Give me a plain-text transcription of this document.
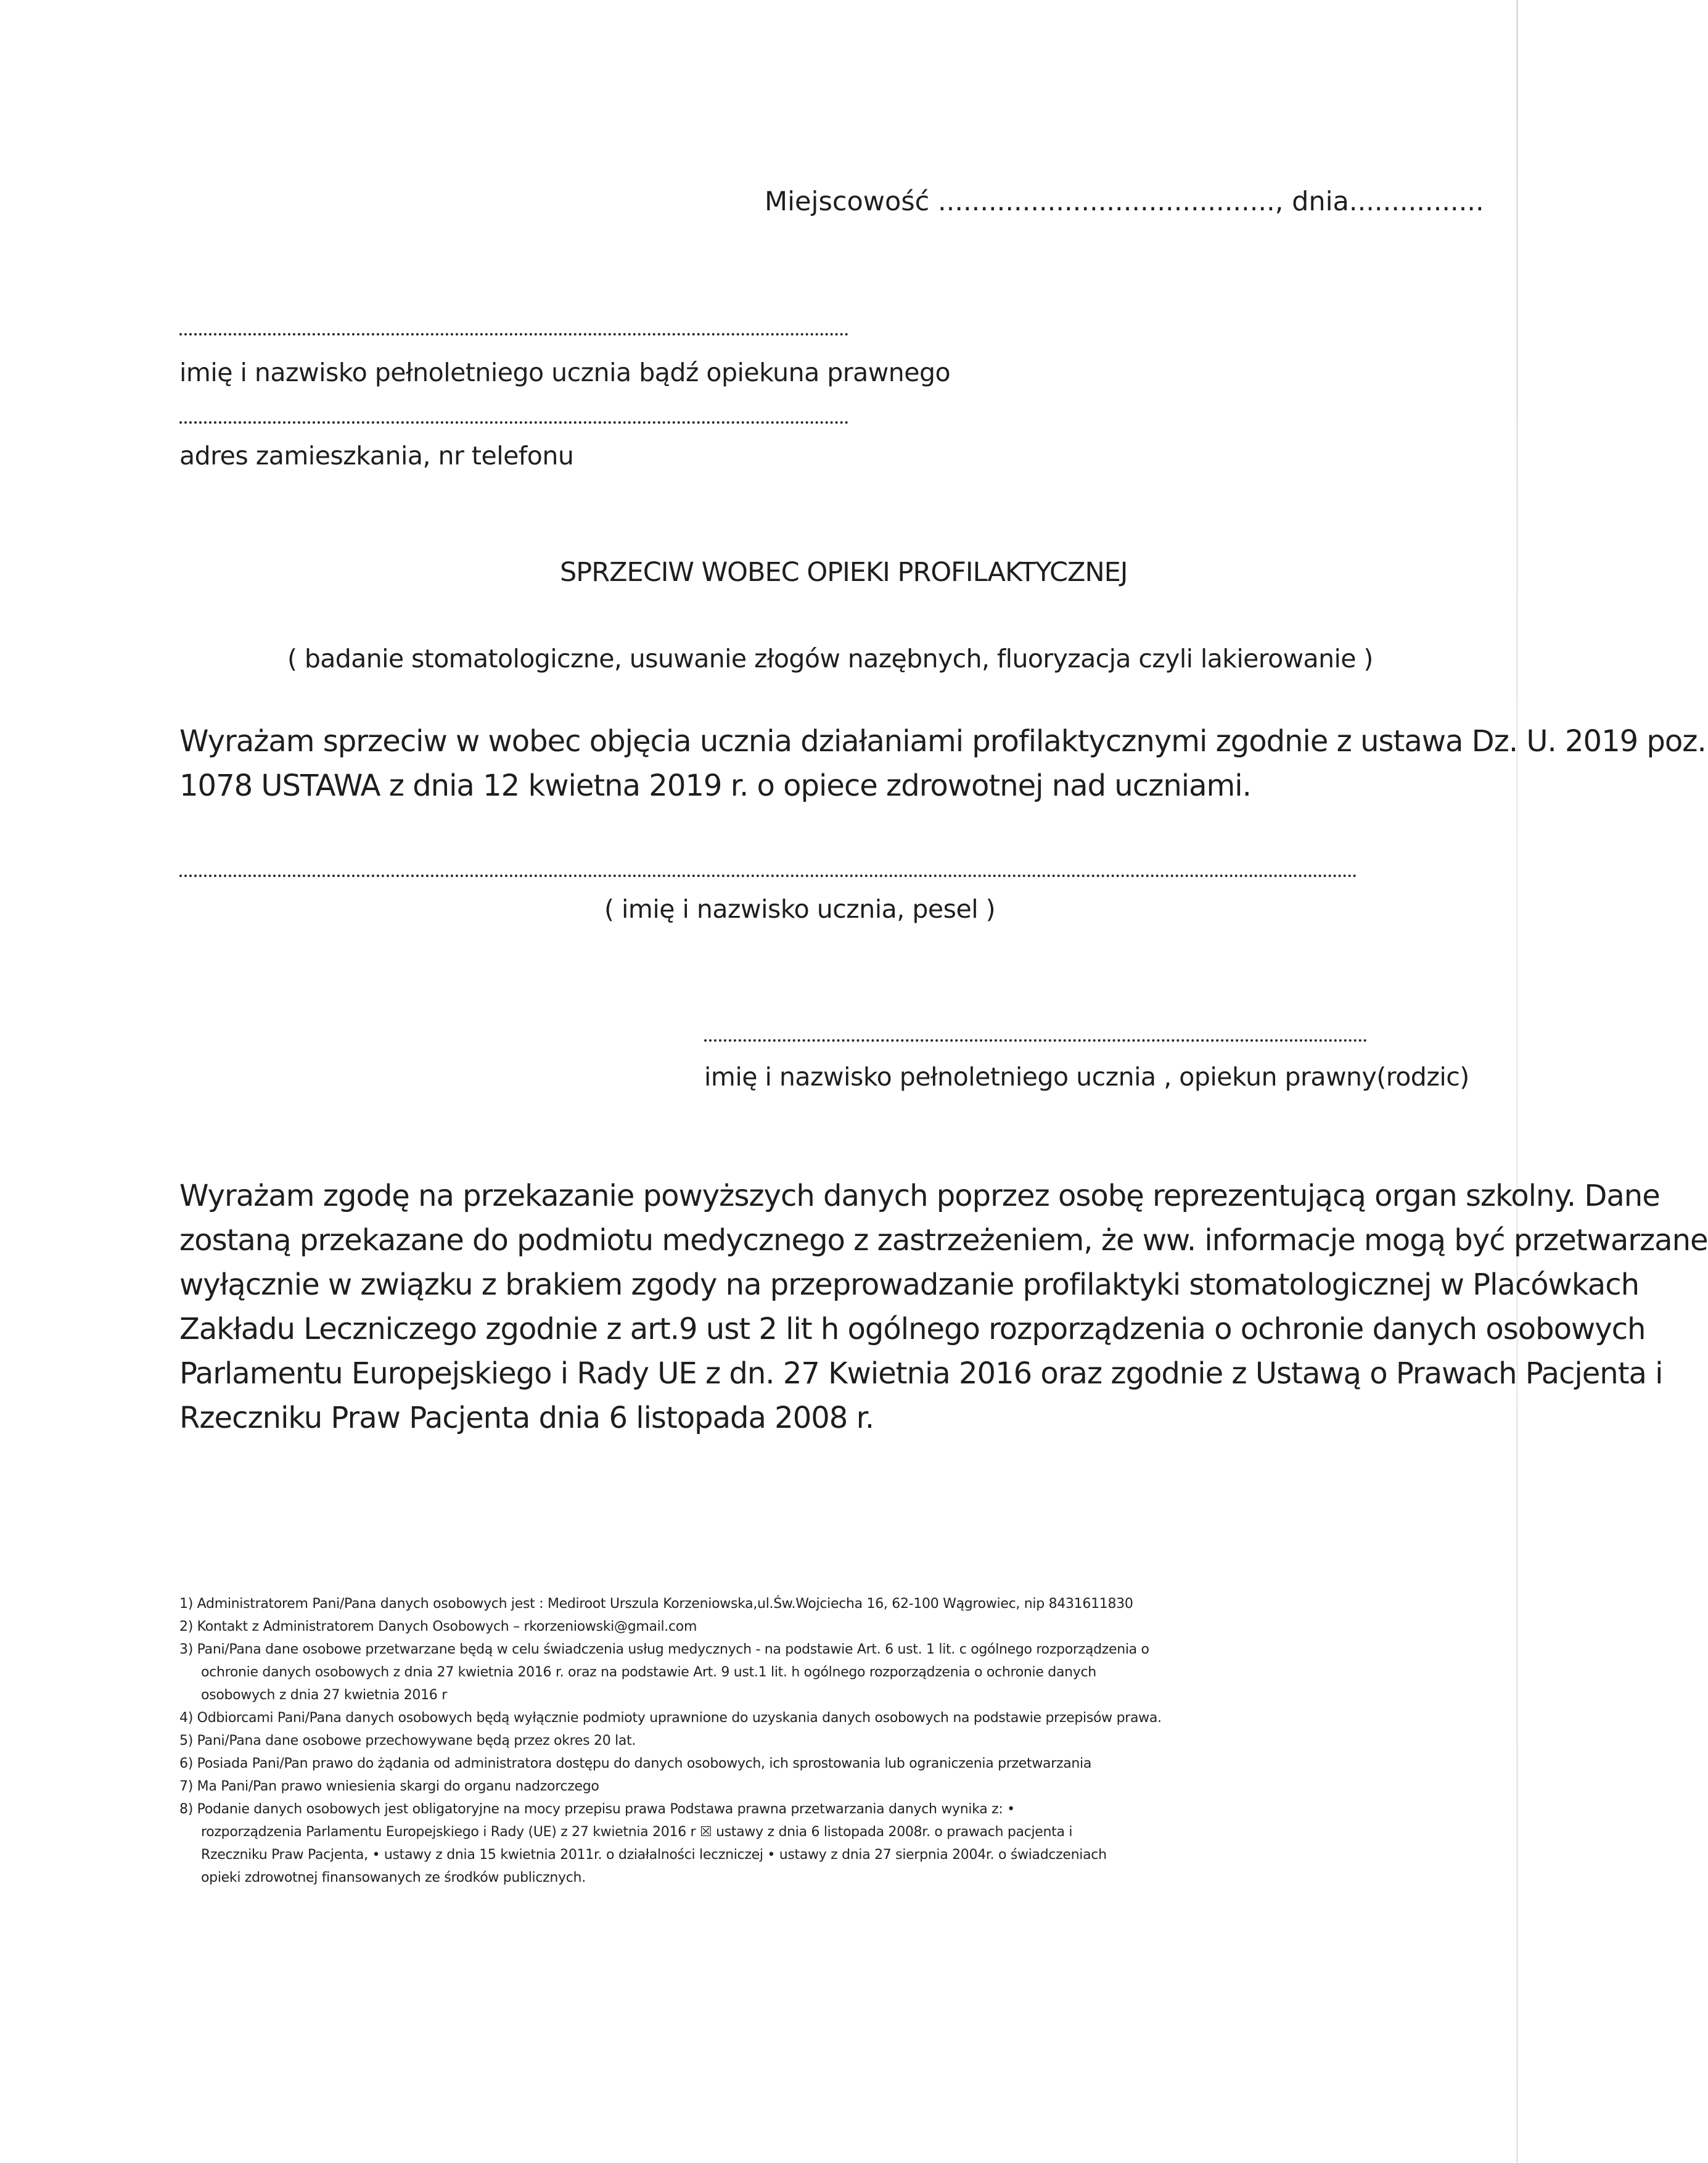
Miejscowość ........................................, dnia................
imię i nazwisko pełnoletniego ucznia bądź opiekuna prawnego
adres zamieszkania, nr telefonu
SPRZECIW WOBEC OPIEKI PROFILAKTYCZNEJ
( badanie stomatologiczne, usuwanie złogów nazębnych, fluoryzacja czyli lakierowanie )
Wyrażam sprzeciw w wobec objęcia ucznia działaniami profilaktycznymi zgodnie z ustawa Dz. U. 2019 poz.
1078 USTAWA z dnia 12 kwietna 2019 r. o opiece zdrowotnej nad uczniami.
( imię i nazwisko ucznia, pesel )
imię i nazwisko pełnoletniego ucznia , opiekun prawny(rodzic)
Wyrażam zgodę na przekazanie powyższych danych poprzez osobę reprezentującą organ szkolny. Dane
zostaną przekazane do podmiotu medycznego z zastrzeżeniem, że ww. informacje mogą być przetwarzane
wyłącznie w związku z brakiem zgody na przeprowadzanie profilaktyki stomatologicznej w Placówkach
Zakładu Leczniczego zgodnie z art.9 ust 2 lit h ogólnego rozporządzenia o ochronie danych osobowych
Parlamentu Europejskiego i Rady UE z dn. 27 Kwietnia 2016 oraz zgodnie z Ustawą o Prawach Pacjenta i
Rzeczniku Praw Pacjenta dnia 6 listopada 2008 r.
1) Administratorem Pani/Pana danych osobowych jest : Mediroot Urszula Korzeniowska,ul.Św.Wojciecha 16, 62-100 Wągrowiec, nip 8431611830
2) Kontakt z Administratorem Danych Osobowych – rkorzeniowski@gmail.com
3) Pani/Pana dane osobowe przetwarzane będą w celu świadczenia usług medycznych - na podstawie Art. 6 ust. 1 lit. c ogólnego rozporządzenia o
ochronie danych osobowych z dnia 27 kwietnia 2016 r. oraz na podstawie Art. 9 ust.1 lit. h ogólnego rozporządzenia o ochronie danych
osobowych z dnia 27 kwietnia 2016 r
4) Odbiorcami Pani/Pana danych osobowych będą wyłącznie podmioty uprawnione do uzyskania danych osobowych na podstawie przepisów prawa.
5) Pani/Pana dane osobowe przechowywane będą przez okres 20 lat.
6) Posiada Pani/Pan prawo do żądania od administratora dostępu do danych osobowych, ich sprostowania lub ograniczenia przetwarzania
7) Ma Pani/Pan prawo wniesienia skargi do organu nadzorczego
8) Podanie danych osobowych jest obligatoryjne na mocy przepisu prawa Podstawa prawna przetwarzania danych wynika z: •
rozporządzenia Parlamentu Europejskiego i Rady (UE) z 27 kwietnia 2016 r ☒ ustawy z dnia 6 listopada 2008r. o prawach pacjenta i
Rzeczniku Praw Pacjenta, • ustawy z dnia 15 kwietnia 2011r. o działalności leczniczej • ustawy z dnia 27 sierpnia 2004r. o świadczeniach
opieki zdrowotnej finansowanych ze środków publicznych.
